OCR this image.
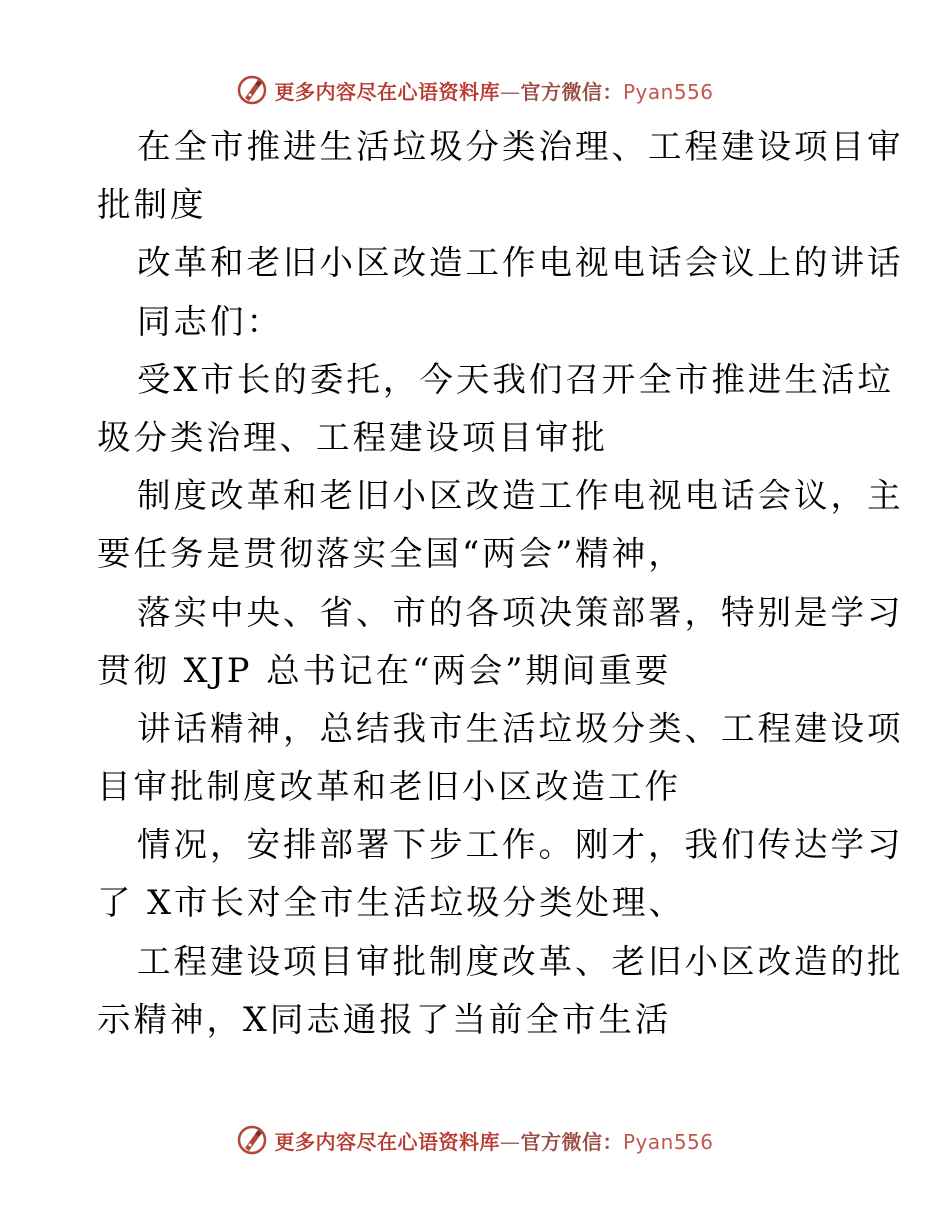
更多内容尽在心语资料库—官方微信：Pyan556
在全市推进生活垃圾分类治理、工程建设项目审
批制度
改革和老旧小区改造工作电视电话会议上的讲话
同志们：
受X市长的委托，今天我们召开全市推进生活垃
圾分类治理、工程建设项目审批
制度改革和老旧小区改造工作电视电话会议，主
要任务是贯彻落实全国“两会”精神，
落实中央、省、市的各项决策部署，特别是学习
贯彻 XJP 总书记在“两会”期间重要
讲话精神，总结我市生活垃圾分类、工程建设项
目审批制度改革和老旧小区改造工作
情况，安排部署下步工作。刚才，我们传达学习
了 X市长对全市生活垃圾分类处理、
工程建设项目审批制度改革、老旧小区改造的批
示精神，X同志通报了当前全市生活
更多内容尽在心语资料库—官方微信：Pyan556
